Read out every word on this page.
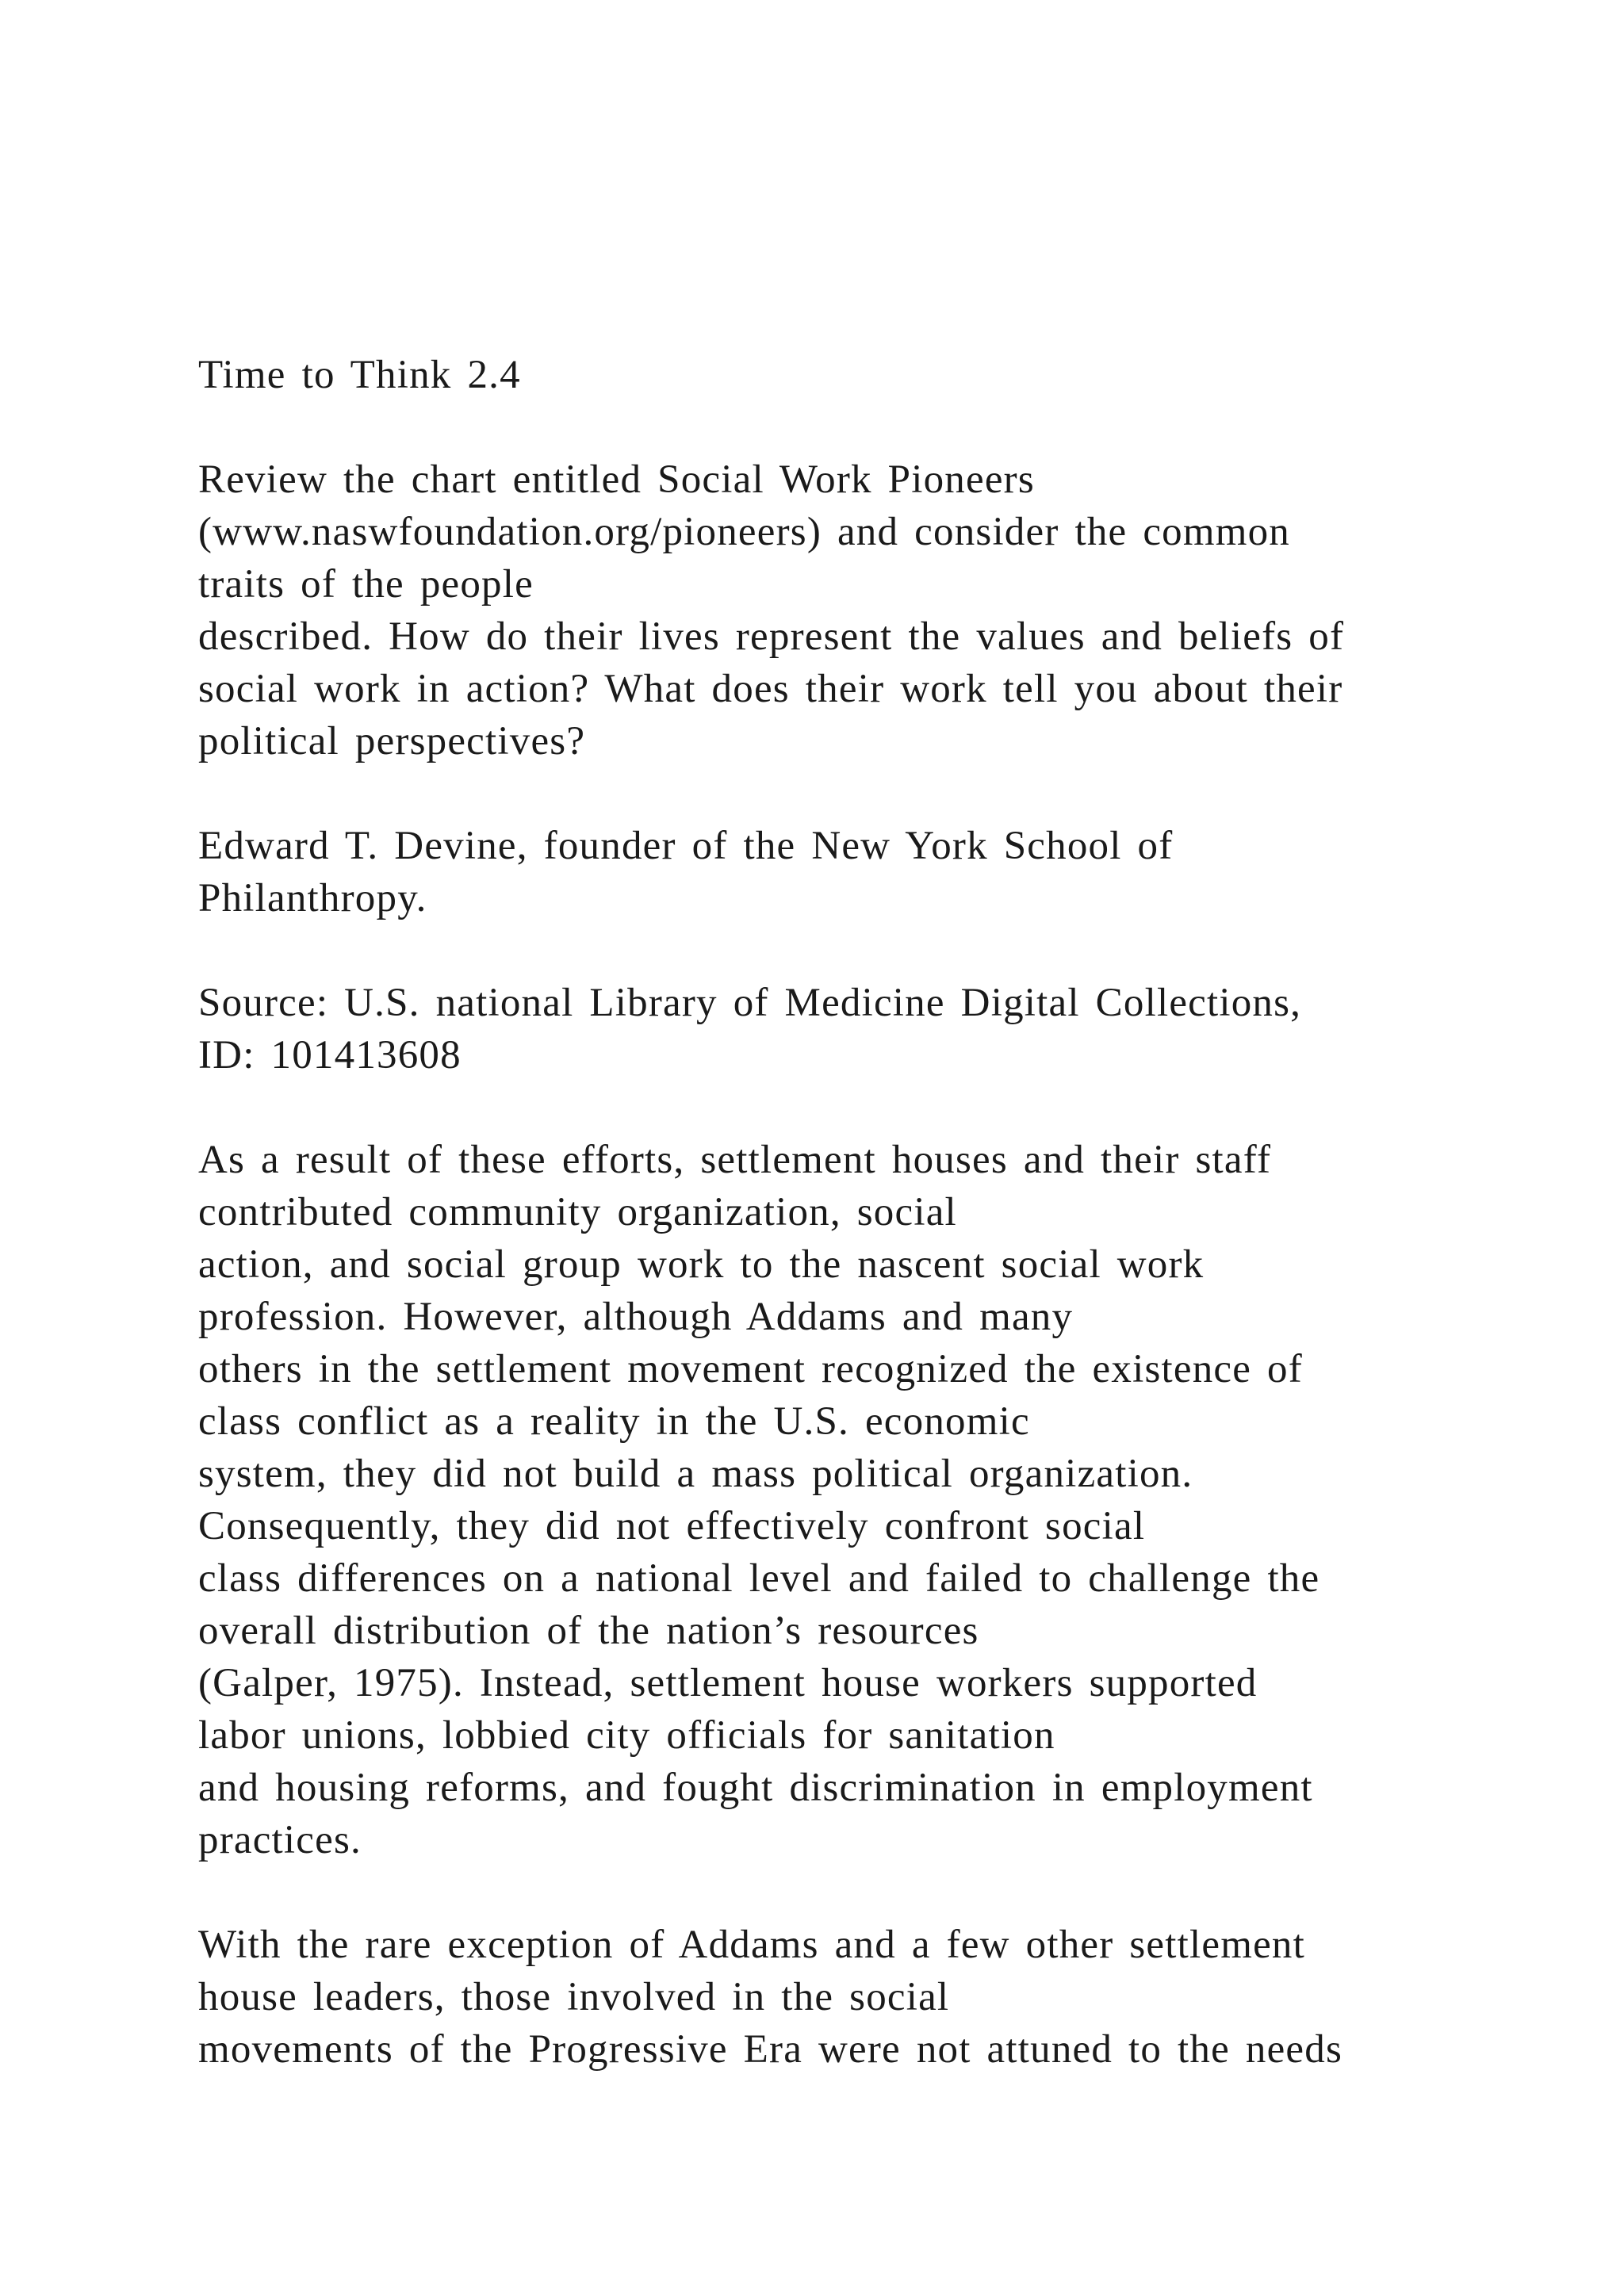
Time to Think 2.4
Review the chart entitled Social Work Pioneers
(www.naswfoundation.org/pioneers) and consider the common
traits of the people
described. How do their lives represent the values and beliefs of
social work in action? What does their work tell you about their
political perspectives?
Edward T. Devine, founder of the New York School of
Philanthropy.
Source: U.S. national Library of Medicine Digital Collections,
ID: 101413608
As a result of these efforts, settlement houses and their staff
contributed community organization, social
action, and social group work to the nascent social work
profession. However, although Addams and many
others in the settlement movement recognized the existence of
class conflict as a reality in the U.S. economic
system, they did not build a mass political organization.
Consequently, they did not effectively confront social
class differences on a national level and failed to challenge the
overall distribution of the nation’s resources
(Galper, 1975). Instead, settlement house workers supported
labor unions, lobbied city officials for sanitation
and housing reforms, and fought discrimination in employment
practices.
With the rare exception of Addams and a few other settlement
house leaders, those involved in the social
movements of the Progressive Era were not attuned to the needs
